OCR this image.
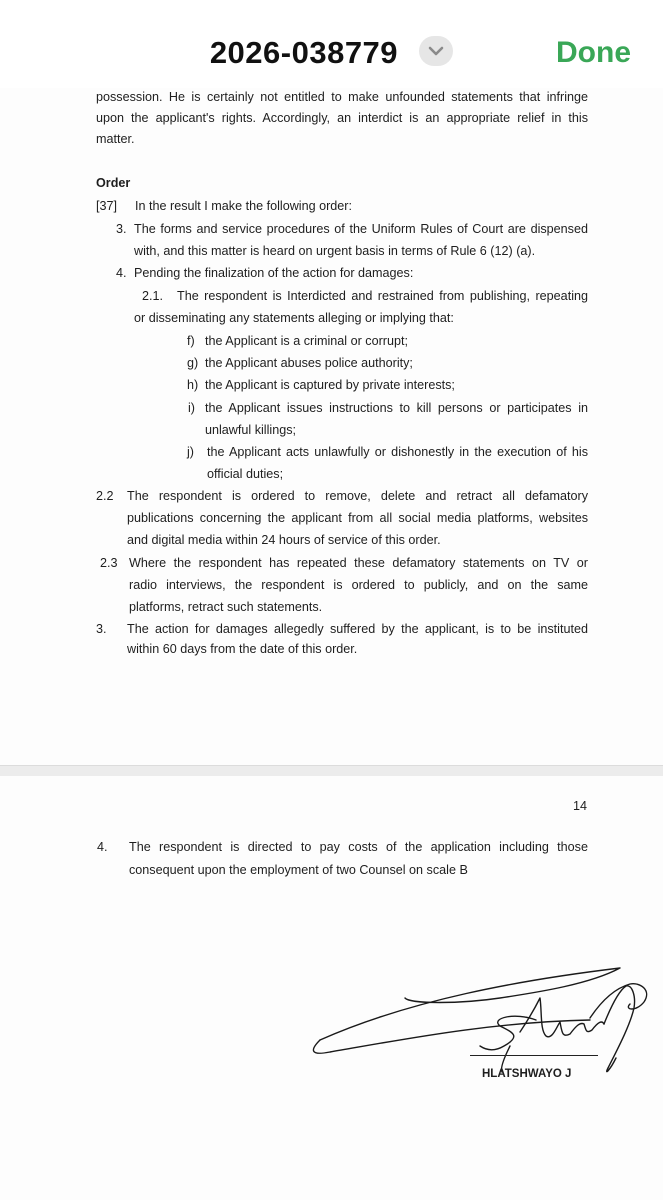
2026-038779	Done
possession. He is certainly not entitled to make unfounded statements that infringe
upon the applicant's rights. Accordingly, an interdict is an appropriate relief in this
matter.
Order
[37] In the result I make the following order:
3. The forms and service procedures of the Uniform Rules of Court are dispensed
with, and this matter is heard on urgent basis in terms of Rule 6 (12) (a).
4. Pending the finalization of the action for damages:
2.1. The respondent is Interdicted and restrained from publishing, repeating
or disseminating any statements alleging or implying that:
f) the Applicant is a criminal or corrupt;
g) the Applicant abuses police authority;
h) the Applicant is captured by private interests;
i) the Applicant issues instructions to kill persons or participates in
unlawful killings;
j) the Applicant acts unlawfully or dishonestly in the execution of his
official duties;
2.2 The respondent is ordered to remove, delete and retract all defamatory
publications concerning the applicant from all social media platforms, websites
and digital media within 24 hours of service of this order.
2.3 Where the respondent has repeated these defamatory statements on TV or
radio interviews, the respondent is ordered to publicly, and on the same
platforms, retract such statements.
3. The action for damages allegedly suffered by the applicant, is to be instituted
within 60 days from the date of this order.
14
4. The respondent is directed to pay costs of the application including those
consequent upon the employment of two Counsel on scale B
HLATSHWAYO J
